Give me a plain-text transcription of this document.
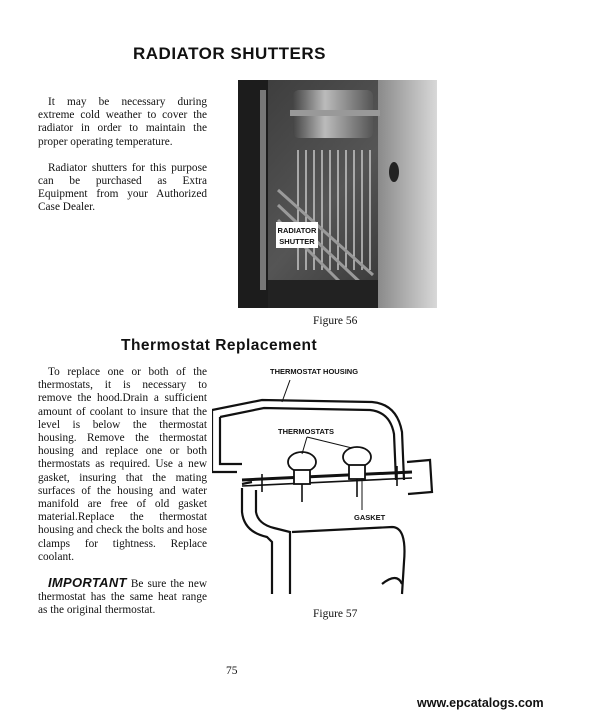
RADIATOR SHUTTERS

It may be necessary during extreme cold weather to cover the radiator in order to maintain the proper operating temperature.

Radiator shutters for this purpose can be purchased as Extra Equipment from your Authorized Case Dealer.

RADIATOR
SHUTTER
Figure 56
Thermostat Replacement

To replace one or both of the thermostats, it is necessary to remove the hood.Drain a sufficient amount of coolant to insure that the level is below the thermostat housing. Remove the thermostat housing and replace one or both thermostats as required. Use a new gasket, insuring that the mating surfaces of the housing and water manifold are free of old gasket material.Replace the thermostat housing and check the bolts and hose clamps for tightness. Replace coolant.

IMPORTANT Be sure the new thermostat has the same heat range as the original thermostat.

THERMOSTAT HOUSING
THERMOSTATS
GASKET
Figure 57
75
www.epcatalogs.com
